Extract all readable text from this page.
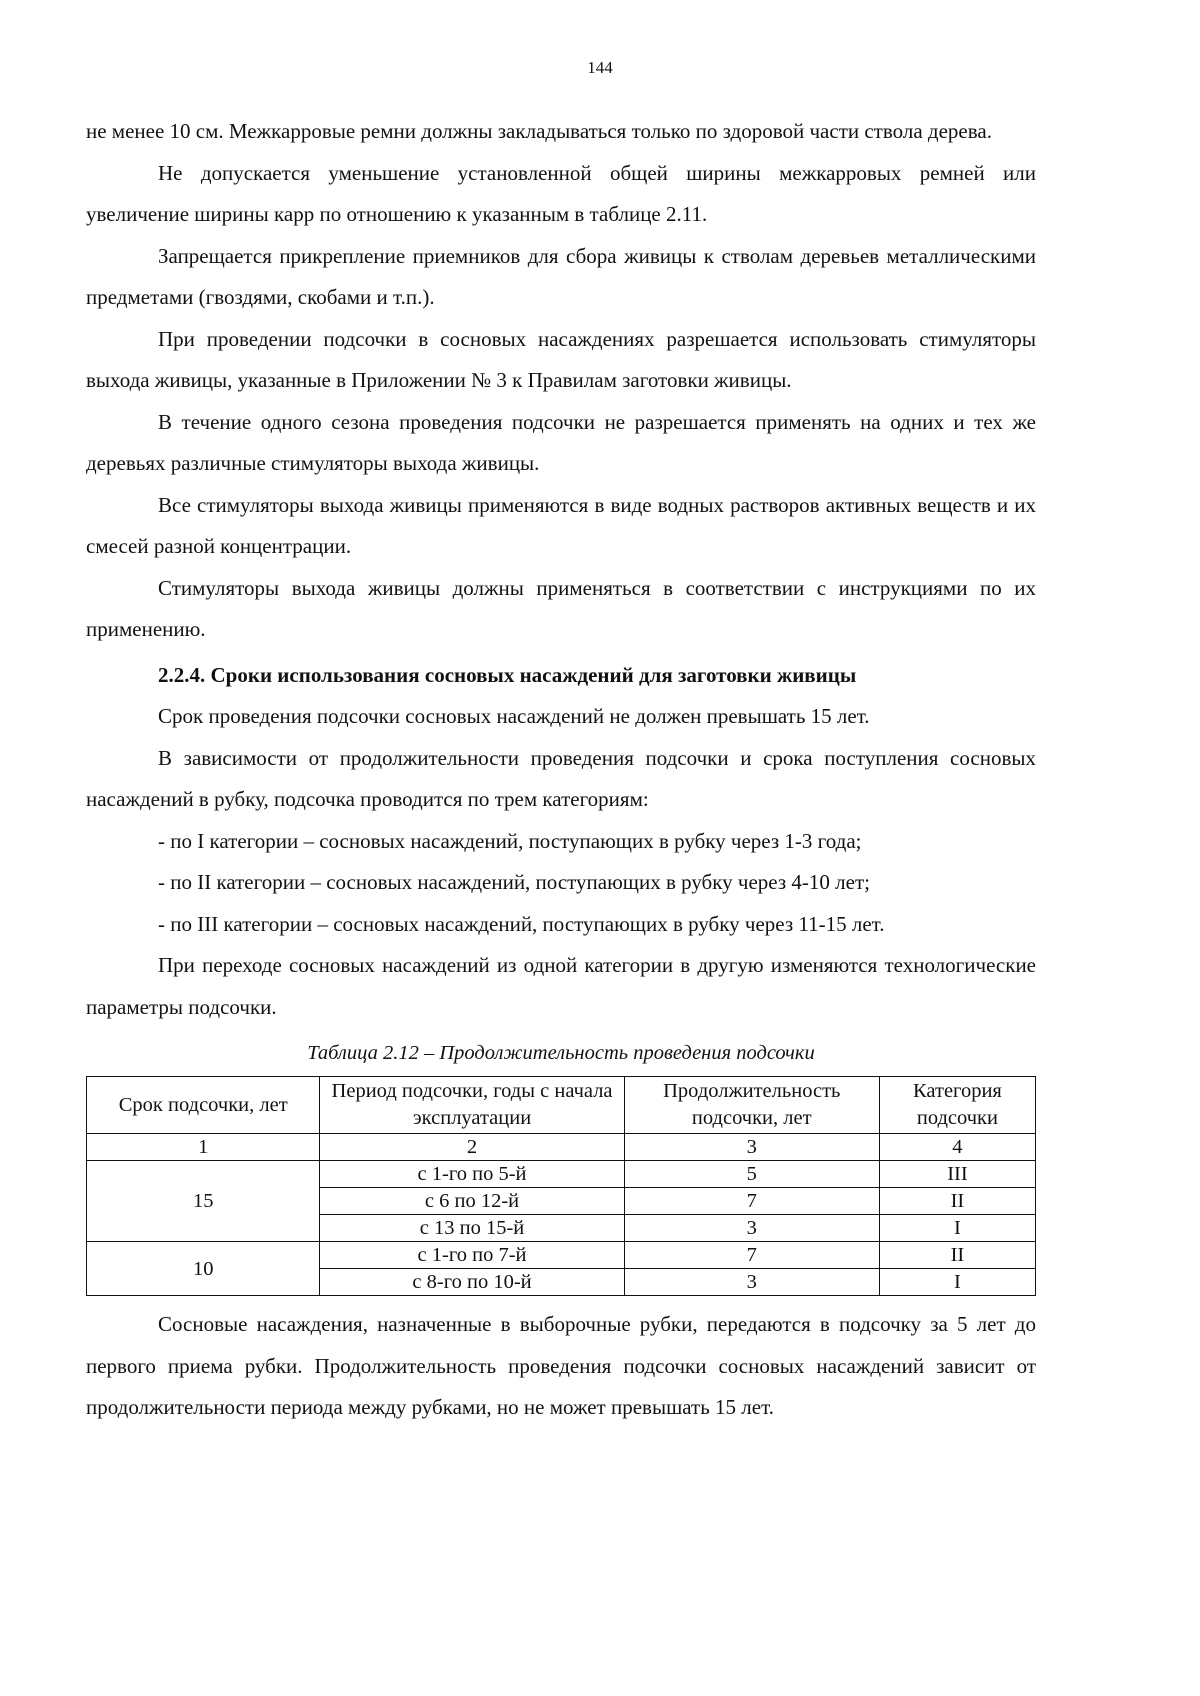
144

не менее 10 см. Межкарровые ремни должны закладываться только по здоровой части ствола дерева.

Не допускается уменьшение установленной общей ширины межкарровых ремней или увеличение ширины карр по отношению к указанным в таблице 2.11.

Запрещается прикрепление приемников для сбора живицы к стволам деревьев металлическими предметами (гвоздями, скобами и т.п.).

При проведении подсочки в сосновых насаждениях разрешается использовать стимуляторы выхода живицы, указанные в Приложении № 3 к Правилам заготовки живицы.

В течение одного сезона проведения подсочки не разрешается применять на одних и тех же деревьях различные стимуляторы выхода живицы.

Все стимуляторы выхода живицы применяются в виде водных растворов активных веществ и их смесей разной концентрации.

Стимуляторы выхода живицы должны применяться в соответствии с инструкциями по их применению.

2.2.4. Сроки использования сосновых насаждений для заготовки живицы

Срок проведения подсочки сосновых насаждений не должен превышать 15 лет.

В зависимости от продолжительности проведения подсочки и срока поступления сосновых насаждений в рубку, подсочка проводится по трем категориям:

- по I категории – сосновых насаждений, поступающих в рубку через 1-3 года;

- по II категории – сосновых насаждений, поступающих в рубку через 4-10 лет;

- по III категории – сосновых насаждений, поступающих в рубку через 11-15 лет.

При переходе сосновых насаждений из одной категории в другую изменяются технологические параметры подсочки.

Таблица 2.12 – Продолжительность проведения подсочки

Срок подсочки, лет	Период подсочки, годы с начала эксплуатации	Продолжительность подсочки, лет	Категория подсочки
1	2	3	4
15	с 1-го по 5-й	5	III
	с 6 по 12-й	7	II
	с 13 по 15-й	3	I
10	с 1-го по 7-й	7	II
	с 8-го по 10-й	3	I

Сосновые насаждения, назначенные в выборочные рубки, передаются в подсочку за 5 лет до первого приема рубки. Продолжительность проведения подсочки сосновых насаждений зависит от продолжительности периода между рубками, но не может превышать 15 лет.
